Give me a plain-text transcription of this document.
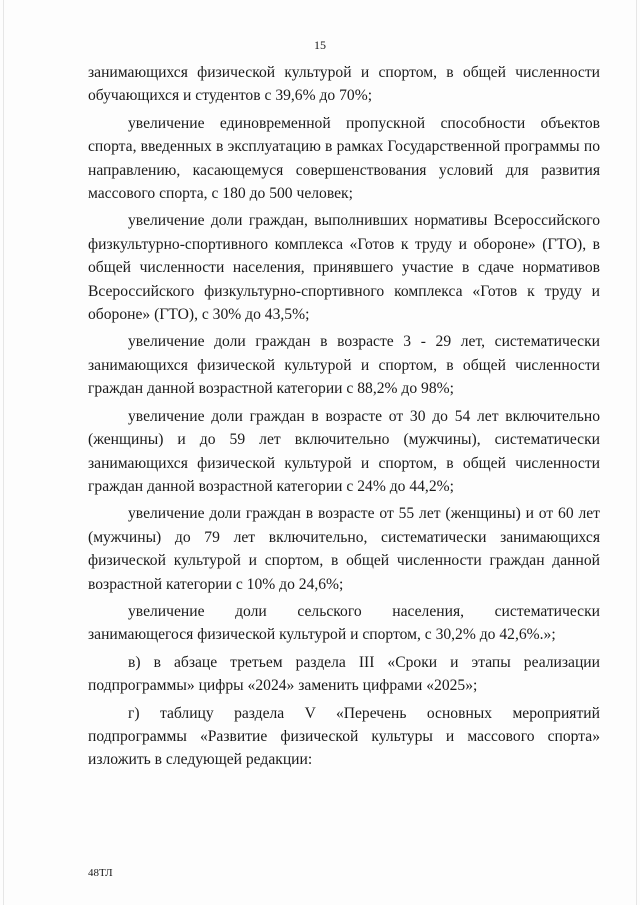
15

занимающихся физической культурой и спортом, в общей численности обучающихся и студентов с 39,6% до 70%;

увеличение единовременной пропускной способности объектов спорта, введенных в эксплуатацию в рамках Государственной программы по направлению, касающемуся совершенствования условий для развития массового спорта, с 180 до 500 человек;

увеличение доли граждан, выполнивших нормативы Всероссийского физкультурно-спортивного комплекса «Готов к труду и обороне» (ГТО), в общей численности населения, принявшего участие в сдаче нормативов Всероссийского физкультурно-спортивного комплекса «Готов к труду и обороне» (ГТО), с 30% до 43,5%;

увеличение доли граждан в возрасте 3 - 29 лет, систематически занимающихся физической культурой и спортом, в общей численности граждан данной возрастной категории с 88,2% до 98%;

увеличение доли граждан в возрасте от 30 до 54 лет включительно (женщины) и до 59 лет включительно (мужчины), систематически занимающихся физической культурой и спортом, в общей численности граждан данной возрастной категории с 24% до 44,2%;

увеличение доли граждан в возрасте от 55 лет (женщины) и от 60 лет (мужчины) до 79 лет включительно, систематически занимающихся физической культурой и спортом, в общей численности граждан данной возрастной категории с 10% до 24,6%;

увеличение доли сельского населения, систематически занимающегося физической культурой и спортом, с 30,2% до 42,6%.»;

в) в абзаце третьем раздела III «Сроки и этапы реализации подпрограммы» цифры «2024» заменить цифрами «2025»;

г) таблицу раздела V «Перечень основных мероприятий подпрограммы «Развитие физической культуры и массового спорта» изложить в следующей редакции:

48ТЛ
